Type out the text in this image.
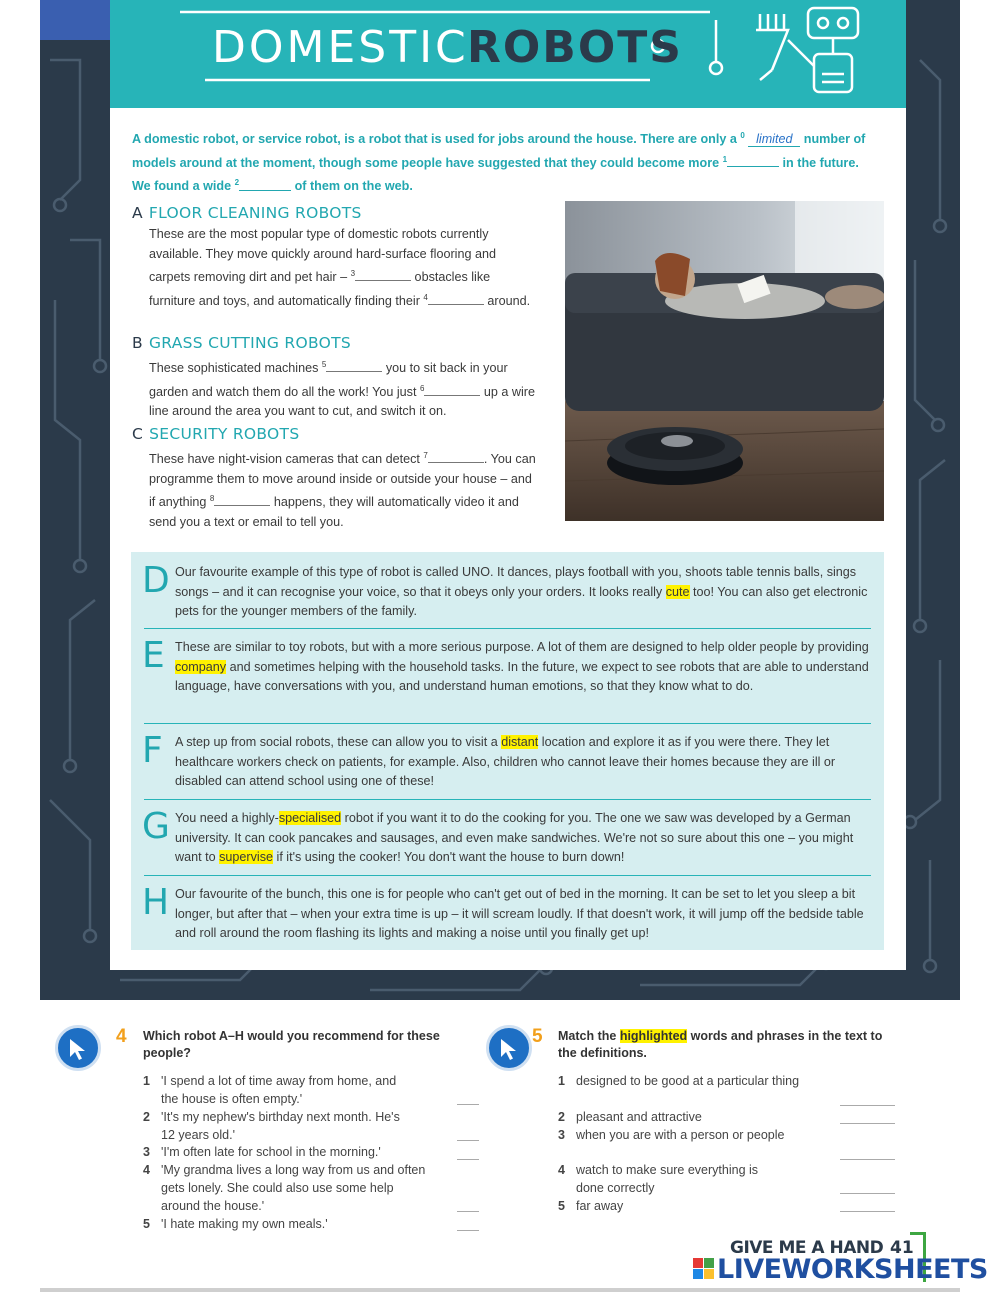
DOMESTIC
ROBOTS
A domestic robot, or service robot, is a robot that is used for jobs around the house. There are only a $^0$ limited number of models around at the moment, though some people have suggested that they could become more $^1$	in the future. We found a wide $^2$	of them on the web.
A FLOOR CLEANING ROBOTS
These are the most popular type of domestic robots currently available. They move quickly around hard-surface flooring and carpets removing dirt and pet hair – $^3$	obstacles like furniture and toys, and automatically finding their $^4$	around.
B GRASS CUTTING ROBOTS
These sophisticated machines $^5$	you to sit back in your garden and watch them do all the work! You just $^6$	up a wire line around the area you want to cut, and switch it on.
C SECURITY ROBOTS
These have night-vision cameras that can detect $^7$	. You can programme them to move around inside or outside your house – and if anything $^8$	happens, they will automatically video it and send you a text or email to tell you.
D Our favourite example of this type of robot is called UNO. It dances, plays football with you, shoots table tennis balls, sings songs – and it can recognise your voice, so that it obeys only your orders. It looks really cute too! You can also get electronic pets for the younger members of the family.
E These are similar to toy robots, but with a more serious purpose. A lot of them are designed to help older people by providing company and sometimes helping with the household tasks. In the future, we expect to see robots that are able to understand language, have conversations with you, and understand human emotions, so that they know what to do.
F A step up from social robots, these can allow you to visit a distant location and explore it as if you were there. They let healthcare workers check on patients, for example. Also, children who cannot leave their homes because they are ill or disabled can attend school using one of these!
G You need a highly-specialised robot if you want it to do the cooking for you. The one we saw was developed by a German university. It can cook pancakes and sausages, and even make sandwiches. We're not so sure about this one – you might want to supervise if it's using the cooker! You don't want the house to burn down!
H Our favourite of the bunch, this one is for people who can't get out of bed in the morning. It can be set to let you sleep a bit longer, but after that – when your extra time is up – it will scream loudly. If that doesn't work, it will jump off the bedside table and roll around the room flashing its lights and making a noise until you finally get up!
4 Which robot A–H would you recommend for these people?
1 'I spend a lot of time away from home, and the house is often empty.'
2 'It's my nephew's birthday next month. He's 12 years old.'
3 'I'm often late for school in the morning.'
4 'My grandma lives a long way from us and often gets lonely. She could also use some help around the house.'
5 'I hate making my own meals.'
5 Match the highlighted words and phrases in the text to the definitions.
1 designed to be good at a particular thing
2 pleasant and attractive
3 when you are with a person or people
4 watch to make sure everything is done correctly
5 far away
GIVE ME A HAND 41
LIVEWORKSHEETS
